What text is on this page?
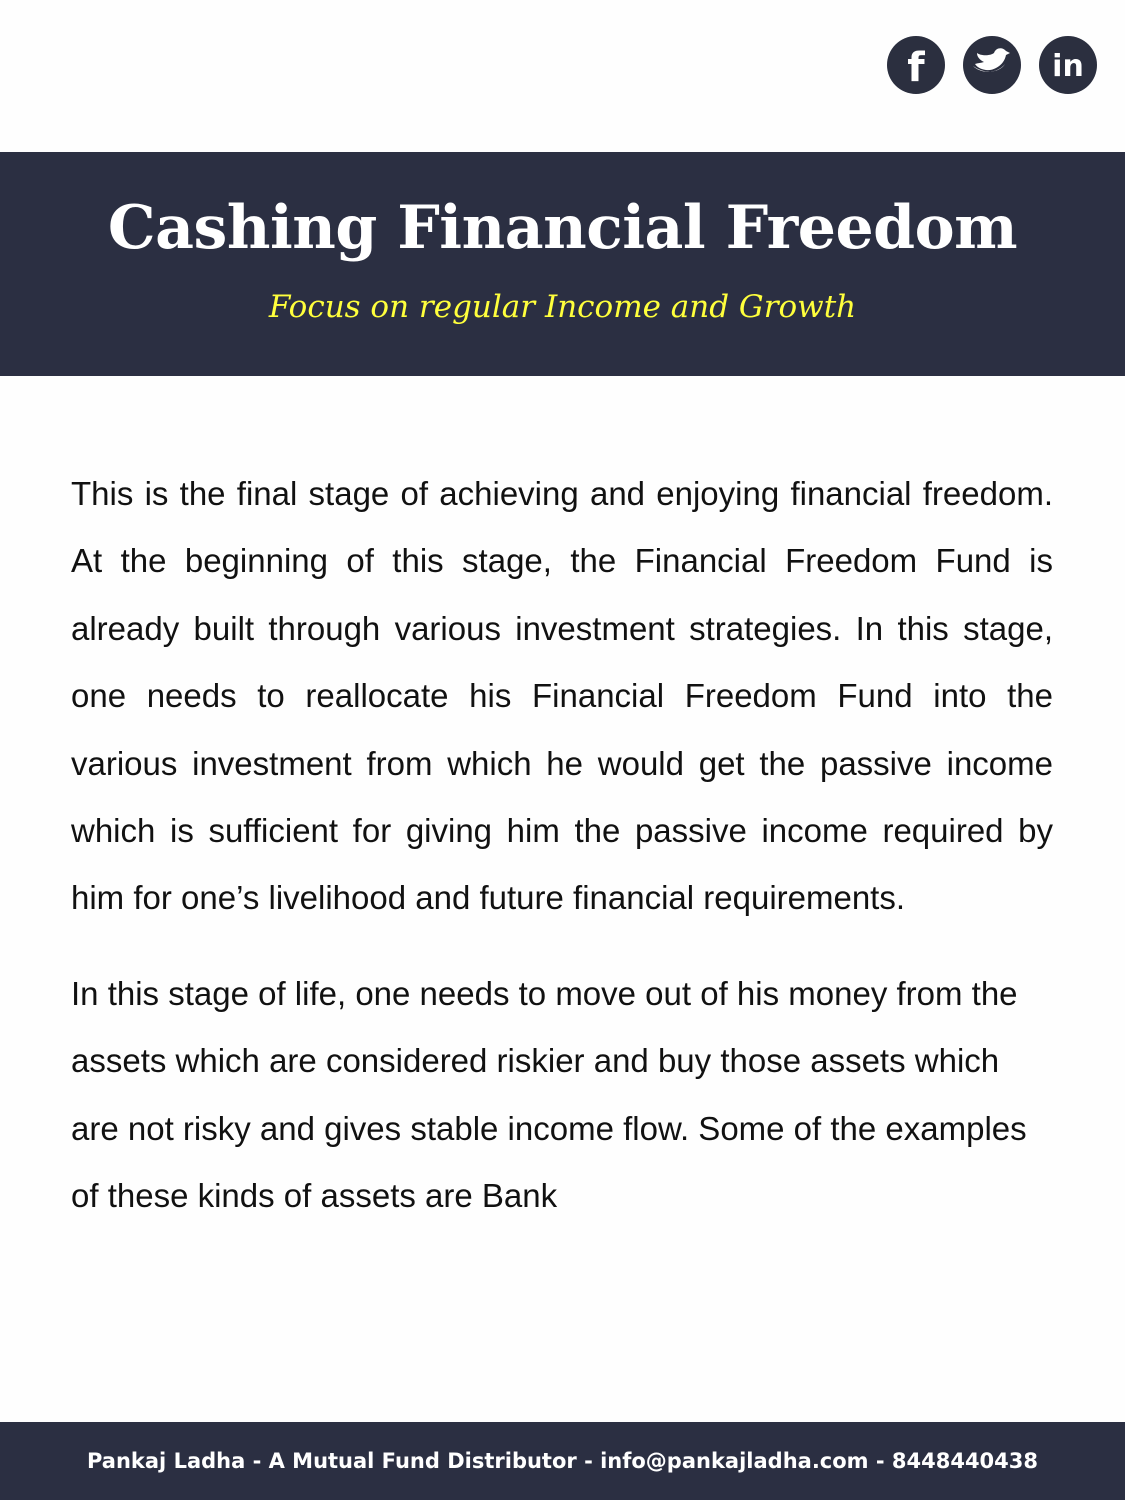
f	in
Cashing Financial Freedom
Focus on regular Income and Growth

This is the final stage of achieving and enjoying financial freedom. At the beginning of this stage, the Financial Freedom Fund is already built through various investment strategies. In this stage, one needs to reallocate his Financial Freedom Fund into the various investment from which he would get the passive income which is sufficient for giving him the passive income required by him for one’s livelihood and future financial requirements.

In this stage of life, one needs to move out of his money from the assets which are considered riskier and buy those assets which are not risky and gives stable income flow. Some of the examples of these kinds of assets are Bank

Pankaj Ladha - A Mutual Fund Distributor - info@pankajladha.com - 8448440438
